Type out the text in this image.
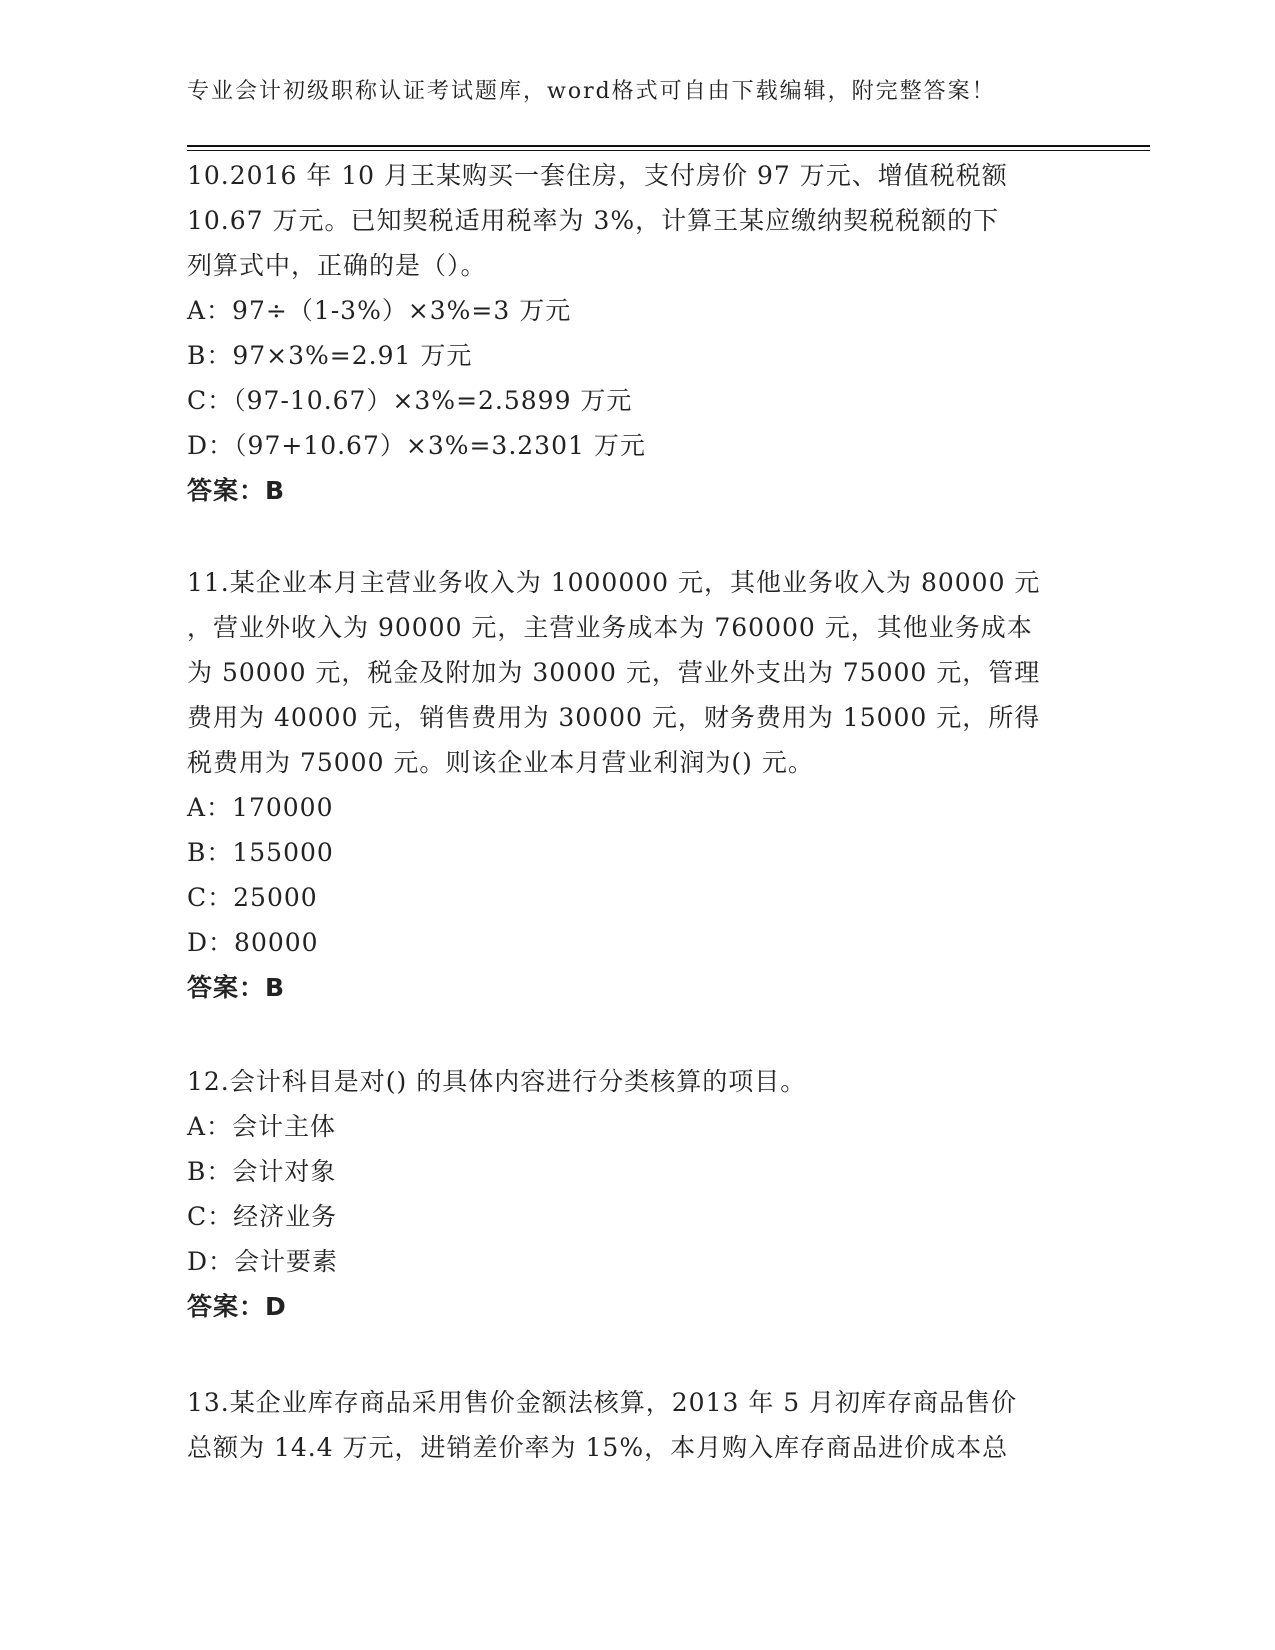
专业会计初级职称认证考试题库，word格式可自由下载编辑，附完整答案！
10.2016 年 10 月王某购买一套住房，支付房价 97 万元、增值税税额
10.67 万元。已知契税适用税率为 3%，计算王某应缴纳契税税额的下
列算式中，正确的是（）。
A：97÷（1-3%）×3%=3 万元
B：97×3%=2.91 万元
C：（97-10.67）×3%=2.5899 万元
D：（97+10.67）×3%=3.2301 万元
答案：B
11.某企业本月主营业务收入为 1000000 元，其他业务收入为 80000 元
，营业外收入为 90000 元，主营业务成本为 760000 元，其他业务成本
为 50000 元，税金及附加为 30000 元，营业外支出为 75000 元，管理
费用为 40000 元，销售费用为 30000 元，财务费用为 15000 元，所得
税费用为 75000 元。则该企业本月营业利润为() 元。
A：170000
B：155000
C：25000
D：80000
答案：B
12.会计科目是对() 的具体内容进行分类核算的项目。
A：会计主体
B：会计对象
C：经济业务
D：会计要素
答案：D
13.某企业库存商品采用售价金额法核算，2013 年 5 月初库存商品售价
总额为 14.4 万元，进销差价率为 15%，本月购入库存商品进价成本总
